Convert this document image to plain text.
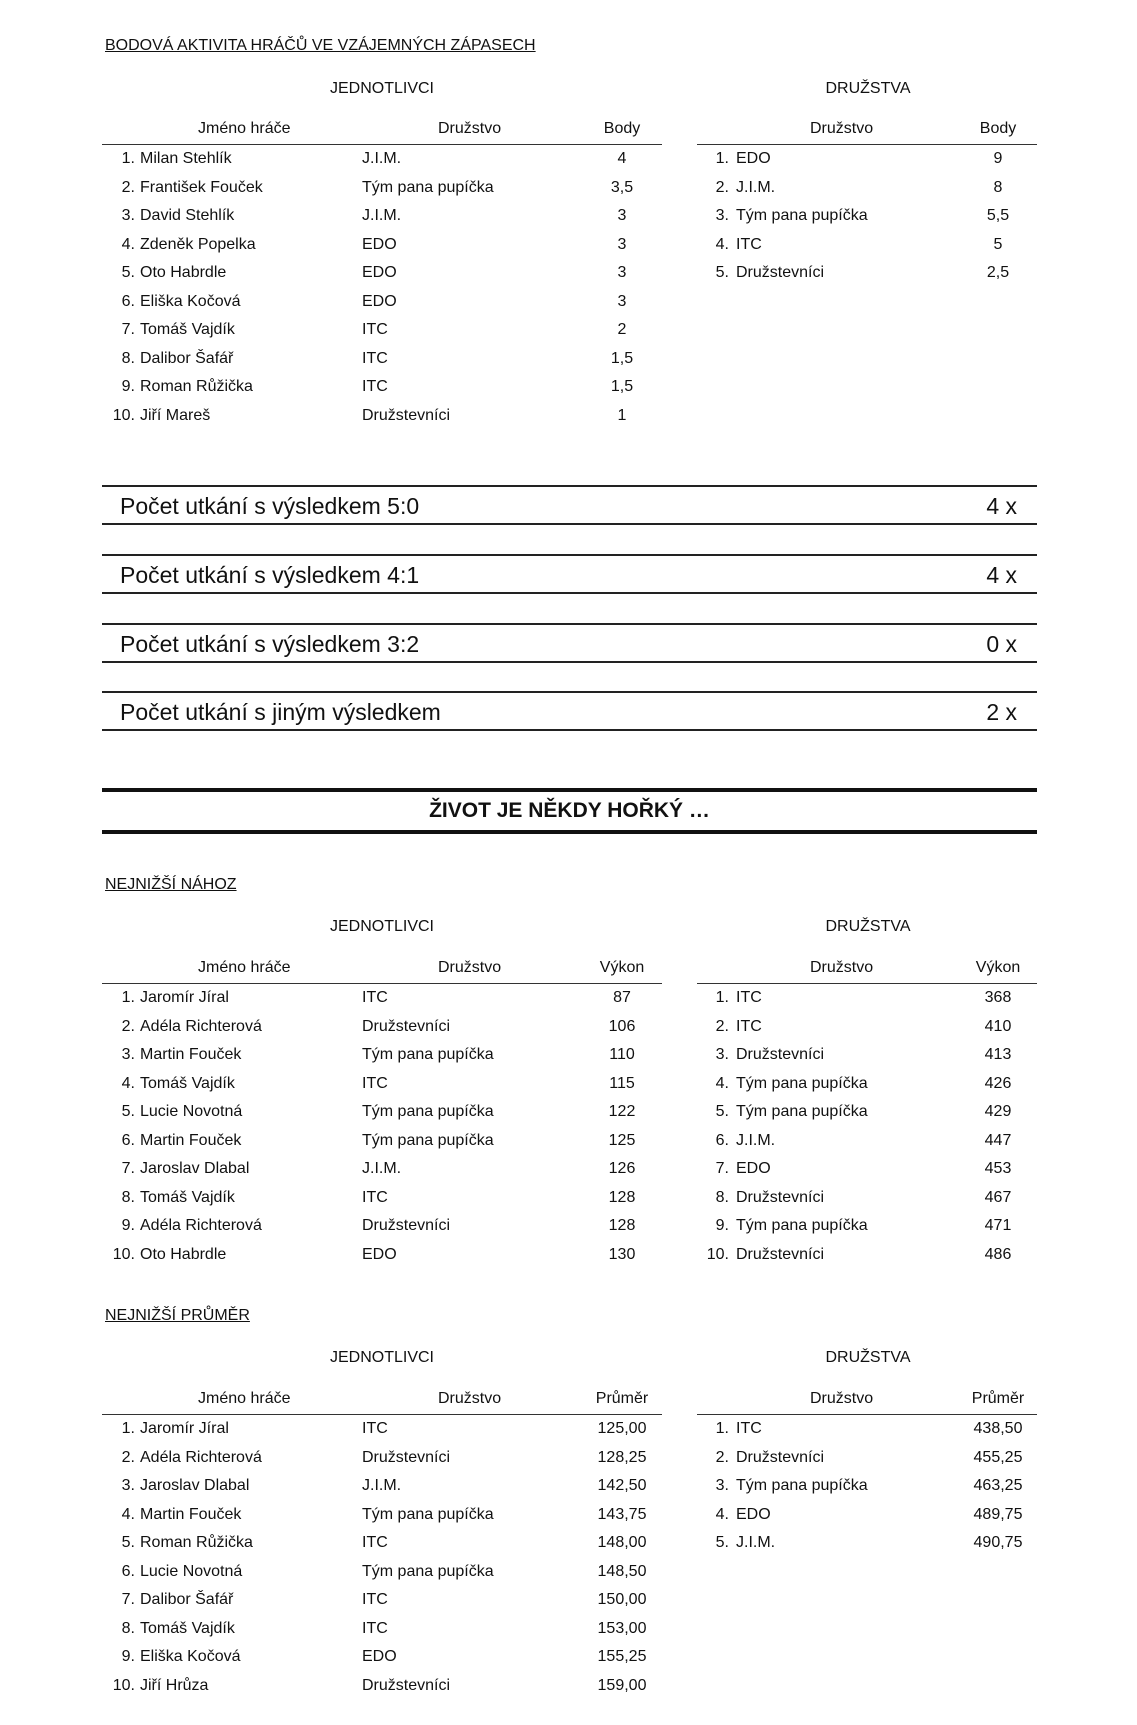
BODOVÁ AKTIVITA HRÁČŮ VE VZÁJEMNÝCH ZÁPASECH
JEDNOTLIVCI	DRUŽSTVA
Jméno hráče	Družstvo	Body
1. Milan Stehlík	J.I.M.	4
2. František Fouček	Tým pana pupíčka	3,5
3. David Stehlík	J.I.M.	3
4. Zdeněk Popelka	EDO	3
5. Oto Habrdle	EDO	3
6. Eliška Kočová	EDO	3
7. Tomáš Vajdík	ITC	2
8. Dalibor Šafář	ITC	1,5
9. Roman Růžička	ITC	1,5
10. Jiří Mareš	Družstevníci	1
Družstvo	Body
1. EDO	9
2. J.I.M.	8
3. Tým pana pupíčka	5,5
4. ITC	5
5. Družstevníci	2,5
Počet utkání s výsledkem 5:0	4 x
Počet utkání s výsledkem 4:1	4 x
Počet utkání s výsledkem 3:2	0 x
Počet utkání s jiným výsledkem	2 x
ŽIVOT JE NĚKDY HOŘKÝ …
NEJNIŽŠÍ NÁHOZ
JEDNOTLIVCI	DRUŽSTVA
Jméno hráče	Družstvo	Výkon
1. Jaromír Jíral	ITC	87
2. Adéla Richterová	Družstevníci	106
3. Martin Fouček	Tým pana pupíčka	110
4. Tomáš Vajdík	ITC	115
5. Lucie Novotná	Tým pana pupíčka	122
6. Martin Fouček	Tým pana pupíčka	125
7. Jaroslav Dlabal	J.I.M.	126
8. Tomáš Vajdík	ITC	128
9. Adéla Richterová	Družstevníci	128
10. Oto Habrdle	EDO	130
Družstvo	Výkon
1. ITC	368
2. ITC	410
3. Družstevníci	413
4. Tým pana pupíčka	426
5. Tým pana pupíčka	429
6. J.I.M.	447
7. EDO	453
8. Družstevníci	467
9. Tým pana pupíčka	471
10. Družstevníci	486
NEJNIŽŠÍ PRŮMĚR
JEDNOTLIVCI	DRUŽSTVA
Jméno hráče	Družstvo	Průměr
1. Jaromír Jíral	ITC	125,00
2. Adéla Richterová	Družstevníci	128,25
3. Jaroslav Dlabal	J.I.M.	142,50
4. Martin Fouček	Tým pana pupíčka	143,75
5. Roman Růžička	ITC	148,00
6. Lucie Novotná	Tým pana pupíčka	148,50
7. Dalibor Šafář	ITC	150,00
8. Tomáš Vajdík	ITC	153,00
9. Eliška Kočová	EDO	155,25
10. Jiří Hrůza	Družstevníci	159,00
Družstvo	Průměr
1. ITC	438,50
2. Družstevníci	455,25
3. Tým pana pupíčka	463,25
4. EDO	489,75
5. J.I.M.	490,75
